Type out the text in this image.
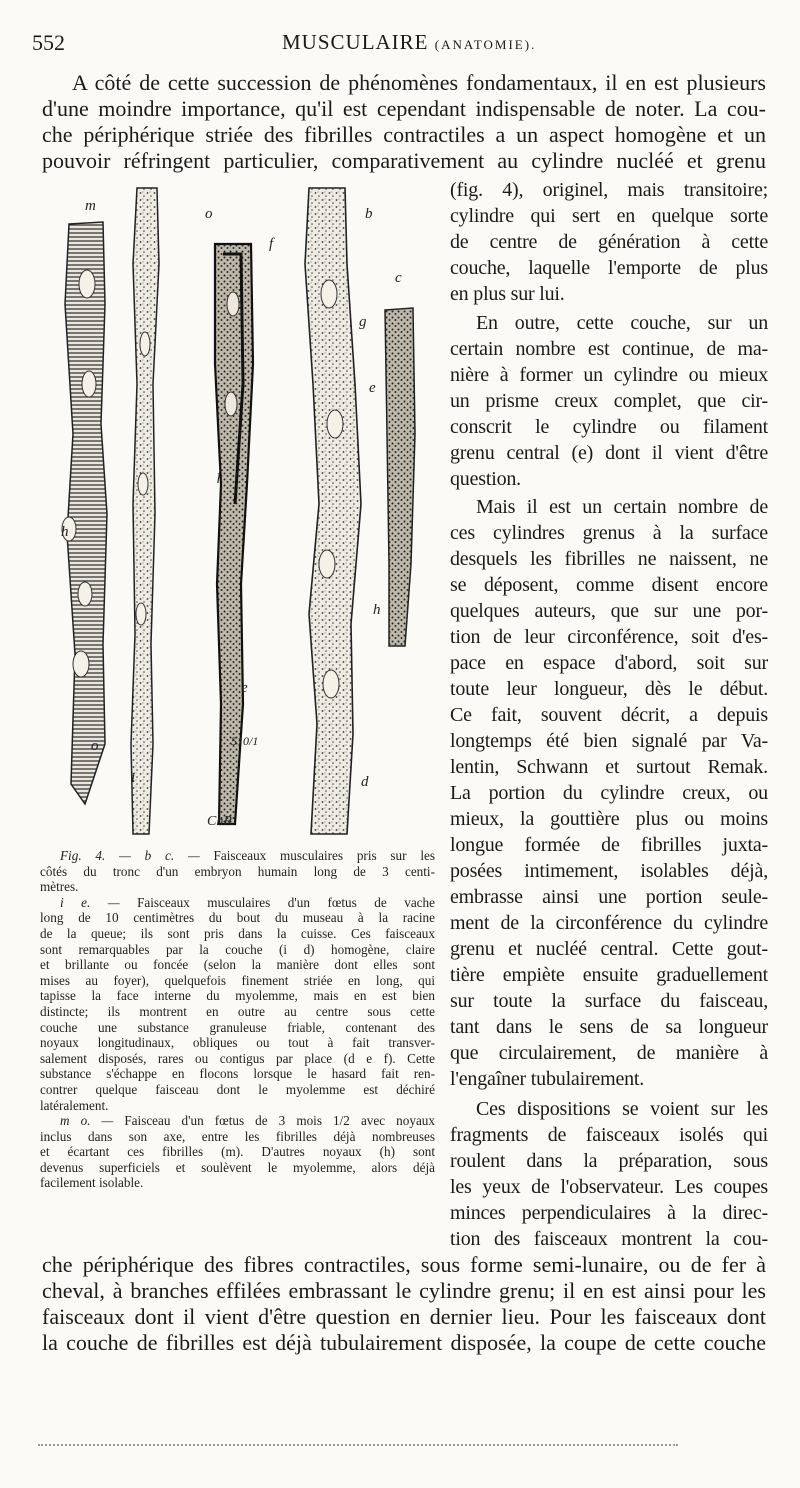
552	MUSCULAIRE (ANATOMIE).
A côté de cette succession de phénomènes fondamentaux, il en est plusieurs
d'une moindre importance, qu'il est cependant indispensable de noter. La cou-
che périphérique striée des fibrilles contractiles a un aspect homogène et un
pouvoir réfringent particulier, comparativement au cylindre nucléé et grenu
(fig. 4), originel, mais transitoire;
cylindre qui sert en quelque sorte
de centre de génération à cette
couche, laquelle l'emporte de plus
en plus sur lui.
En outre, cette couche, sur un
certain nombre est continue, de ma-
nière à former un cylindre ou mieux
un prisme creux complet, que cir-
conscrit le cylindre ou filament
grenu central (e) dont il vient d'être
question.
Mais il est un certain nombre de
ces cylindres grenus à la surface
desquels les fibrilles ne naissent, ne
se déposent, comme disent encore
quelques auteurs, que sur une por-
tion de leur circonférence, soit d'es-
pace en espace d'abord, soit sur
toute leur longueur, dès le début.
Ce fait, souvent décrit, a depuis
longtemps été bien signalé par Va-
lentin, Schwann et surtout Remak.
La portion du cylindre creux, ou
mieux, la gouttière plus ou moins
longue formée de fibrilles juxta-
posées intimement, isolables déjà,
embrasse ainsi une portion seule-
ment de la circonférence du cylindre
grenu et nucléé central. Cette gout-
tière empiète ensuite graduellement
sur toute la surface du faisceau,
tant dans le sens de sa longueur
que circulairement, de manière à
l'engaîner tubulairement.
Ces dispositions se voient sur les
fragments de faisceaux isolés qui
roulent dans la préparation, sous
les yeux de l'observateur. Les coupes
minces perpendiculaires à la direc-
tion des faisceaux montrent la cou-
m	o
f
b
c
g
e
h
f
h
e
o
i
510/1
d
ChR.
Fig. 4. — b c. — Faisceaux musculaires pris sur les
côtés du tronc d'un embryon humain long de 3 centi-
mètres.
i e. — Faisceaux musculaires d'un fœtus de vache
long de 10 centimètres du bout du museau à la racine
de la queue; ils sont pris dans la cuisse. Ces faisceaux
sont remarquables par la couche (i d) homogène, claire
et brillante ou foncée (selon la manière dont elles sont
mises au foyer), quelquefois finement striée en long, qui
tapisse la face interne du myolemme, mais en est bien
distincte; ils montrent en outre au centre sous cette
couche une substance granuleuse friable, contenant des
noyaux longitudinaux, obliques ou tout à fait transver-
salement disposés, rares ou contigus par place (d e f). Cette
substance s'échappe en flocons lorsque le hasard fait ren-
contrer quelque faisceau dont le myolemme est déchiré
latéralement.
m o. — Faisceau d'un fœtus de 3 mois 1/2 avec noyaux
inclus dans son axe, entre les fibrilles déjà nombreuses
et écartant ces fibrilles (m). D'autres noyaux (h) sont
devenus superficiels et soulèvent le myolemme, alors déjà
facilement isolable.
che périphérique des fibres contractiles, sous forme semi-lunaire, ou de fer à
cheval, à branches effilées embrassant le cylindre grenu; il en est ainsi pour les
faisceaux dont il vient d'être question en dernier lieu. Pour les faisceaux dont
la couche de fibrilles est déjà tubulairement disposée, la coupe de cette couche
